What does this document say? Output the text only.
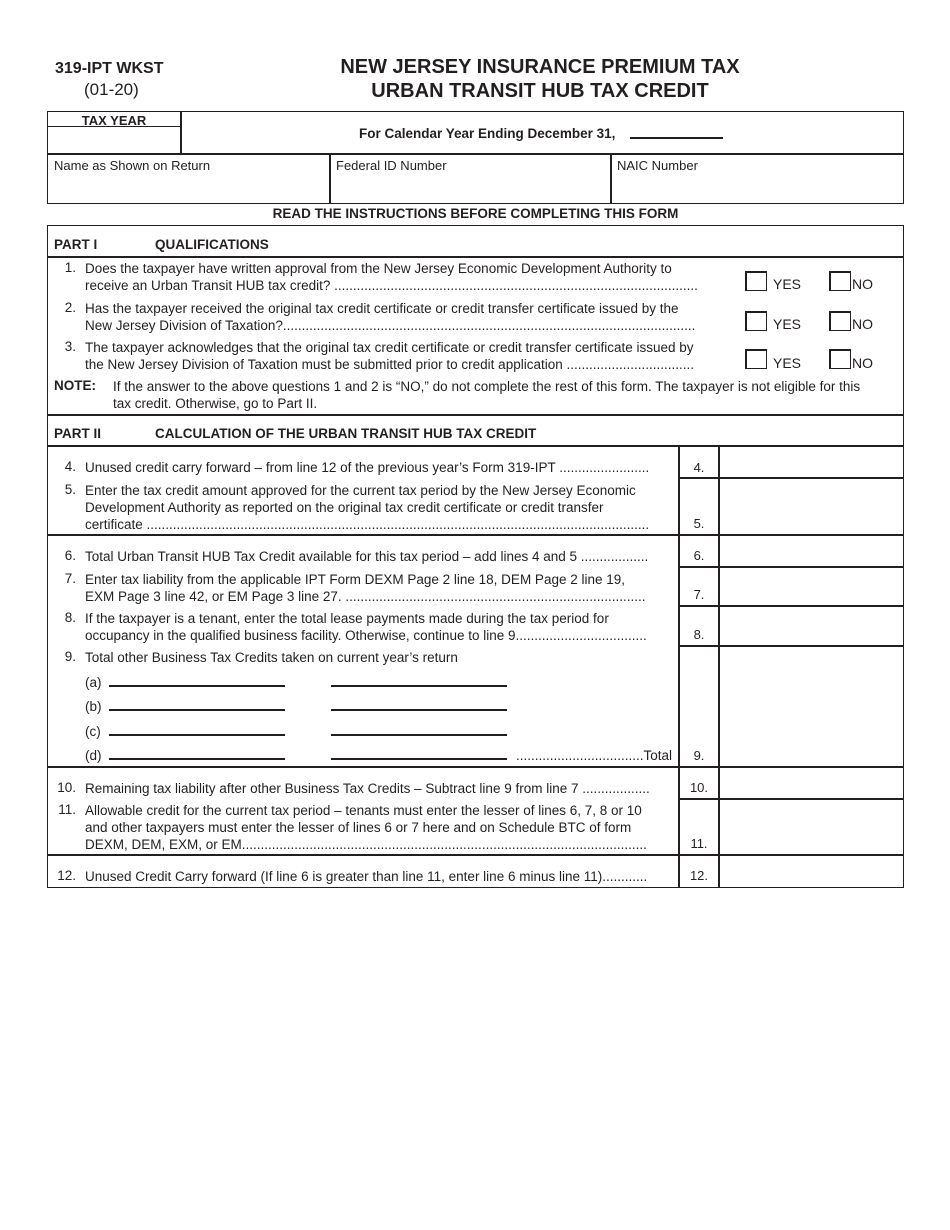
319-IPT WKST
(01-20)
NEW JERSEY INSURANCE PREMIUM TAX
URBAN TRANSIT HUB TAX CREDIT
TAX YEAR
For Calendar Year Ending December 31,
Name as Shown on Return	Federal ID Number	NAIC Number
READ THE INSTRUCTIONS BEFORE COMPLETING THIS FORM
PART I	QUALIFICATIONS
1. Does the taxpayer have written approval from the New Jersey Economic Development Authority to
receive an Urban Transit HUB tax credit? .................................................................................................	YES	NO
2. Has the taxpayer received the original tax credit certificate or credit transfer certificate issued by the
New Jersey Division of Taxation?..............................................................................................................	YES	NO
3. The taxpayer acknowledges that the original tax credit certificate or credit transfer certificate issued by
the New Jersey Division of Taxation must be submitted prior to credit application ..................................	YES	NO
NOTE: If the answer to the above questions 1 and 2 is “NO,” do not complete the rest of this form. The taxpayer is not eligible for this
tax credit. Otherwise, go to Part II.
PART II	CALCULATION OF THE URBAN TRANSIT HUB TAX CREDIT
4. Unused credit carry forward – from line 12 of the previous year’s Form 319-IPT ........................	4.
5. Enter the tax credit amount approved for the current tax period by the New Jersey Economic
Development Authority as reported on the original tax credit certificate or credit transfer
certificate ......................................................................................................................................	5.
6. Total Urban Transit HUB Tax Credit available for this tax period – add lines 4 and 5 ..................	6.
7. Enter tax liability from the applicable IPT Form DEXM Page 2 line 18, DEM Page 2 line 19,
EXM Page 3 line 42, or EM Page 3 line 27. ................................................................................	7.
8. If the taxpayer is a tenant, enter the total lease payments made during the tax period for
occupancy in the qualified business facility. Otherwise, continue to line 9...................................	8.
9. Total other Business Tax Credits taken on current year’s return
(a)
(b)
(c)
(d)	..................................Total	9.
10. Remaining tax liability after other Business Tax Credits – Subtract line 9 from line 7 ..................	10.
11. Allowable credit for the current tax period – tenants must enter the lesser of lines 6, 7, 8 or 10
and other taxpayers must enter the lesser of lines 6 or 7 here and on Schedule BTC of form
DEXM, DEM, EXM, or EM............................................................................................................	11.
12. Unused Credit Carry forward (If line 6 is greater than line 11, enter line 6 minus line 11)............	12.
